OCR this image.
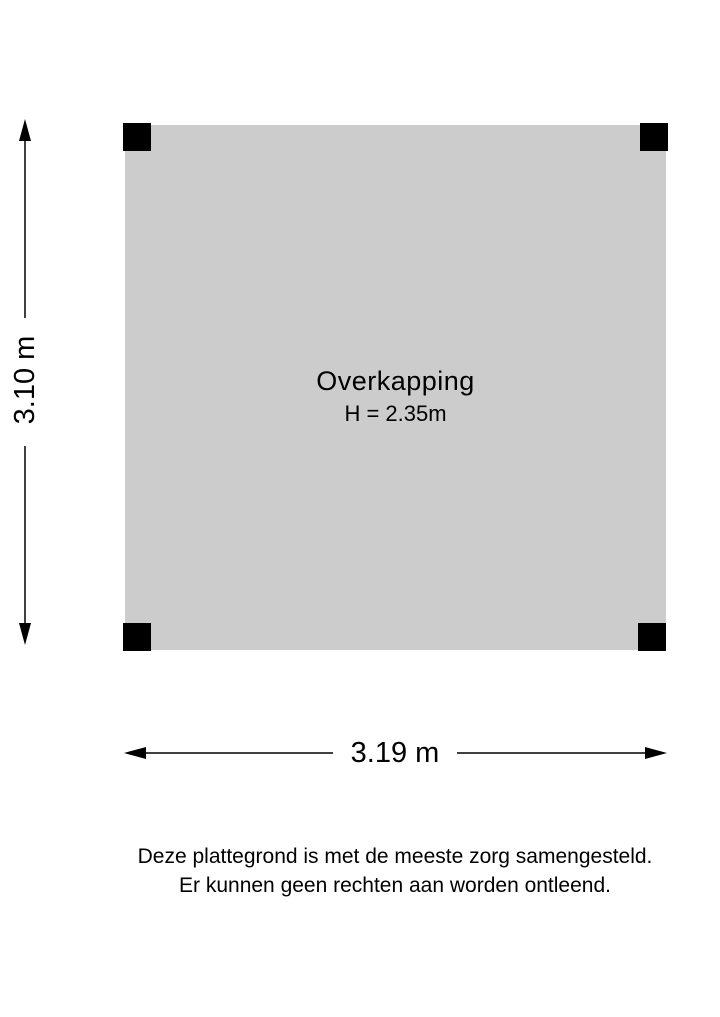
Overkapping
H = 2.35m
3.19 m
3.10 m
Deze plattegrond is met de meeste zorg samengesteld.
Er kunnen geen rechten aan worden ontleend.
